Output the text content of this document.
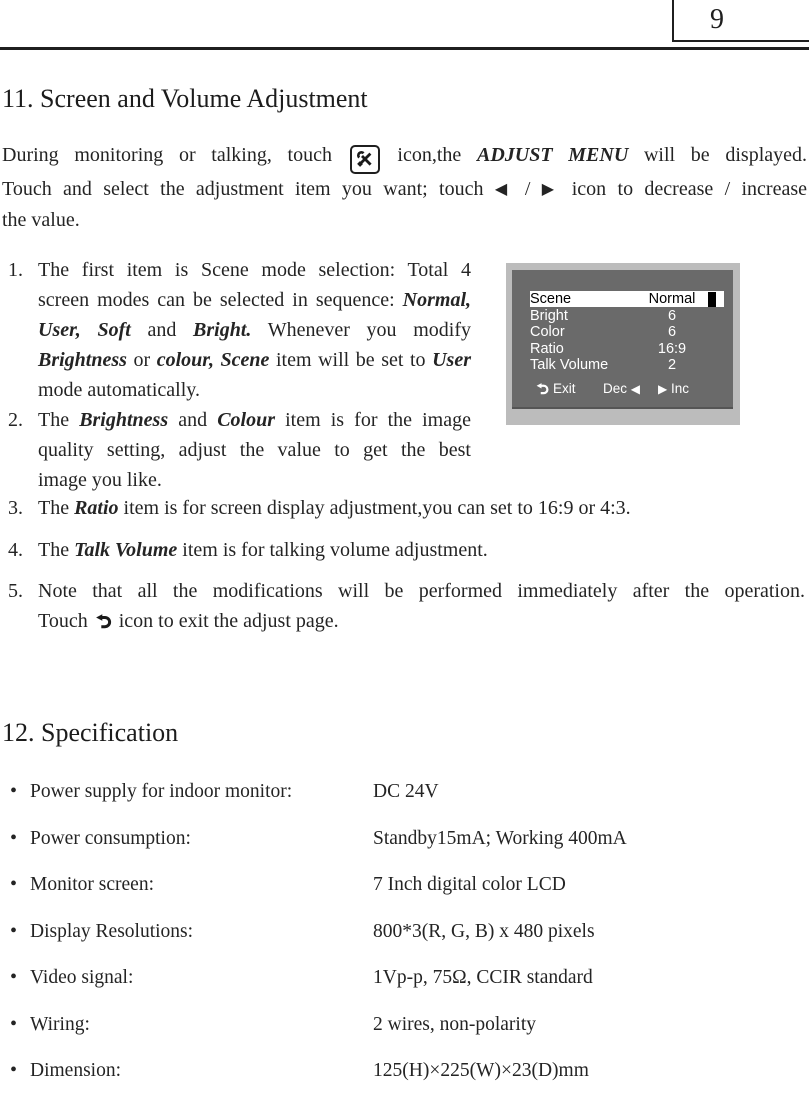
9
11. Screen and Volume Adjustment
During monitoring or talking, touch
icon,the ADJUST MENU will be displayed.
Touch and select the adjustment item you want; touch ◀ / ▶ icon to decrease / increase
the value.
1. The first item is Scene mode selection: Total 4
screen modes can be selected in sequence: Normal,
User, Soft and Bright. Whenever you modify
Brightness or colour, Scene item will be set to User
mode automatically.
2. The Brightness and Colour item is for the image
quality setting, adjust the value to get the best
image you like.
3. The Ratio item is for screen display adjustment,you can set to 16:9 or 4:3.
4. The Talk Volume item is for talking volume adjustment.
5. Note that all the modifications will be performed immediately after the operation.
Touch  icon to exit the adjust page.
Scene	Normal
Bright	6
Color	6
Ratio	16:9
Talk Volume	2
Exit Dec ◀ ▶ Inc
12. Specification
• Power supply for indoor monitor:	DC 24V
• Power consumption:	Standby15mA; Working 400mA
• Monitor screen:	7 Inch digital color LCD
• Display Resolutions:	800*3(R, G, B) x 480 pixels
• Video signal:	1Vp-p, 75Ω, CCIR standard
• Wiring:	2 wires, non-polarity
• Dimension:	125(H)×225(W)×23(D)mm
